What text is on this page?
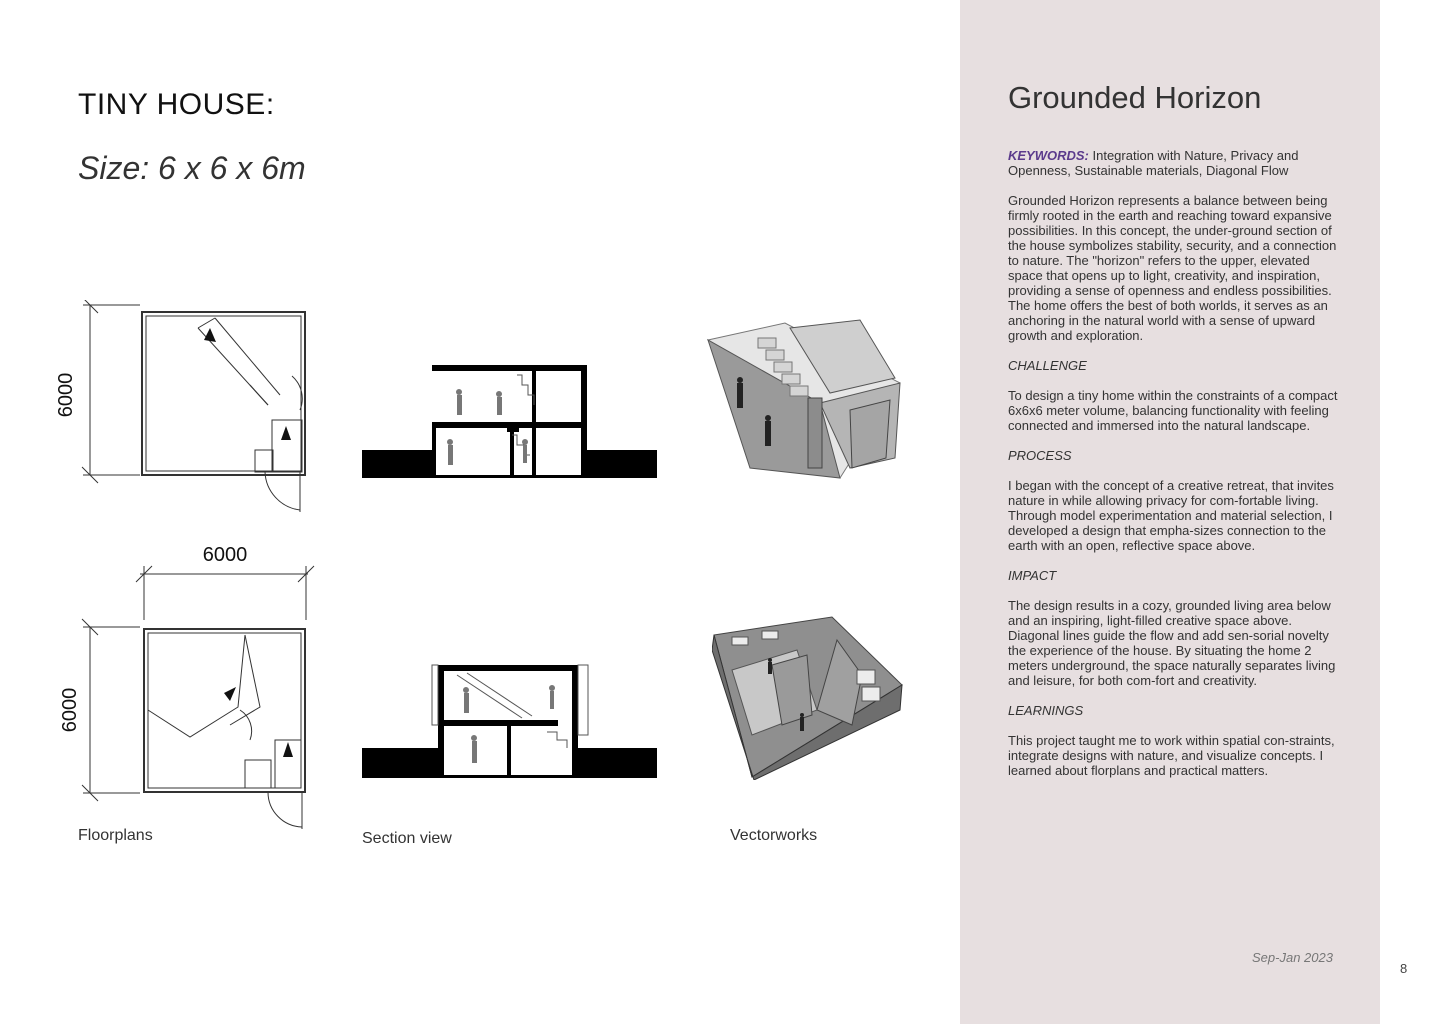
TINY HOUSE:
Size: 6 x 6 x 6m
6000
6000
6000
Floorplans	Section view	Vectorworks
Grounded Horizon

KEYWORDS: Integration with Nature, Privacy and Openness, Sustainable materials, Diagonal Flow

Grounded Horizon represents a balance between being firmly rooted in the earth and reaching toward expansive possibilities. In this concept, the under-ground section of the house symbolizes stability, security, and a connection to nature. The "horizon" refers to the upper, elevated space that opens up to light, creativity, and inspiration, providing a sense of openness and endless possibilities. The home offers the best of both worlds, it serves as an anchoring in the natural world with a sense of upward growth and exploration.

CHALLENGE

To design a tiny home within the constraints of a compact 6x6x6 meter volume, balancing functionality with feeling connected and immersed into the natural landscape.

PROCESS

I began with the concept of a creative retreat, that invites nature in while allowing privacy for com-fortable living. Through model experimentation and material selection, I developed a design that empha-sizes connection to the earth with an open, reflective space above.

IMPACT

The design results in a cozy, grounded living area below and an inspiring, light-filled creative space above. Diagonal lines guide the flow and add sen-sorial novelty the experience of the house. By situating the home 2 meters underground, the space naturally separates living and leisure, for both com-fort and creativity.

LEARNINGS

This project taught me to work within spatial con-straints, integrate designs with nature, and visualize concepts. I learned about florplans and practical matters.

Sep-Jan 2023
8
